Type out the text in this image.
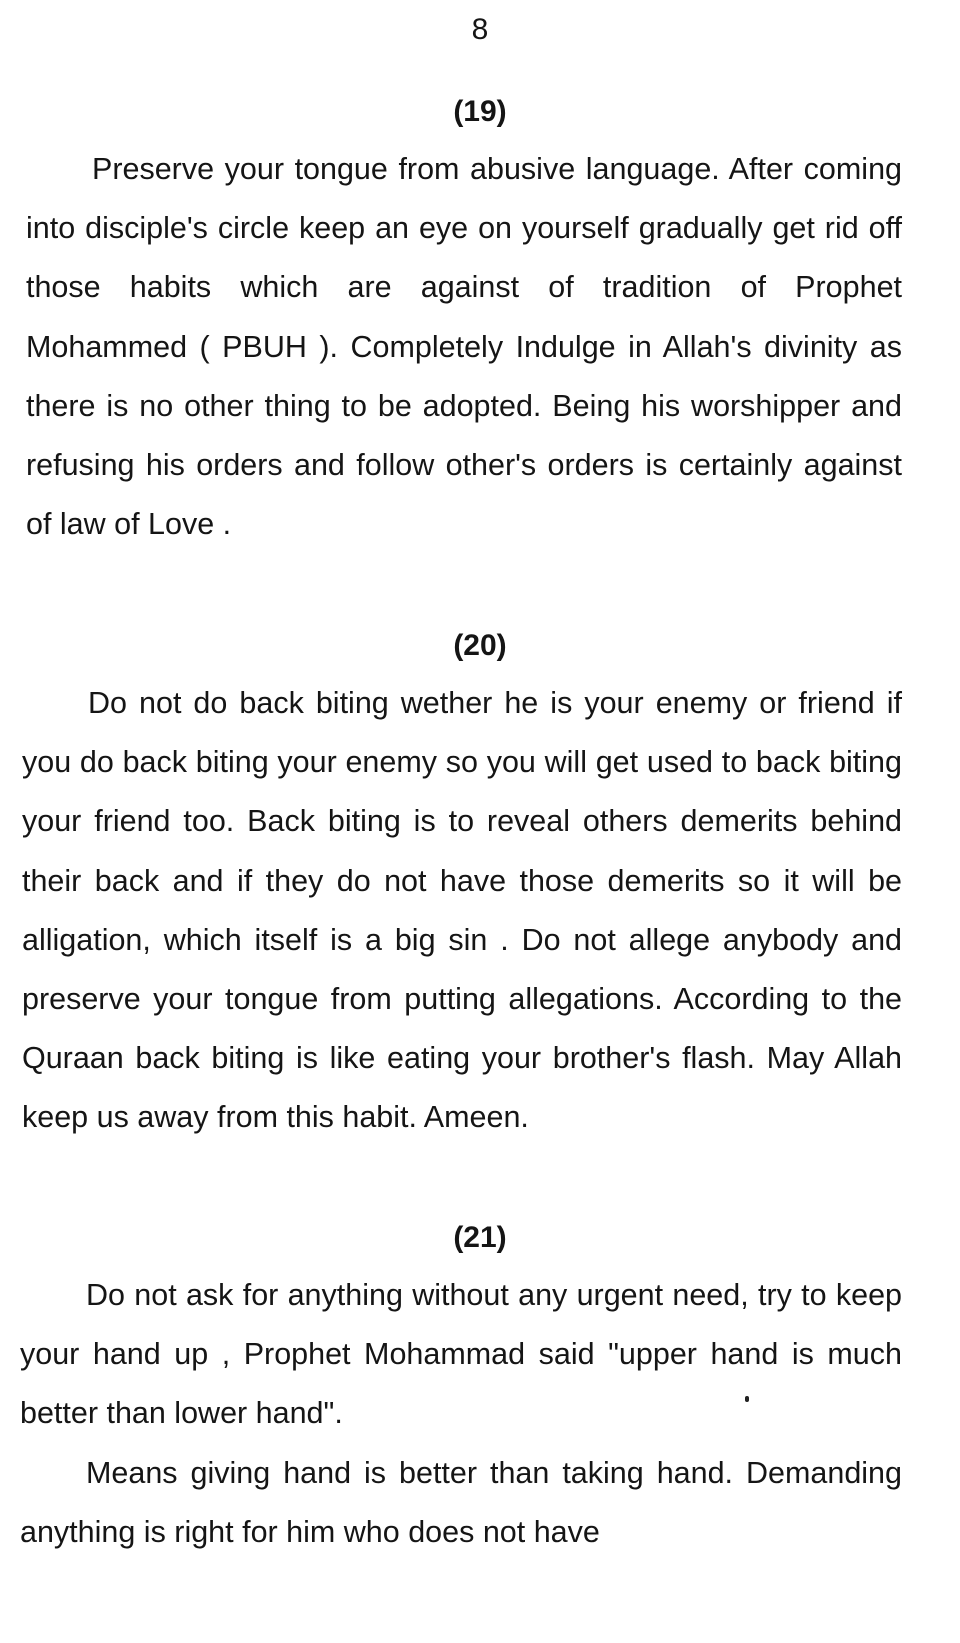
8
(19)

Preserve your tongue from abusive language. After coming into disciple's circle keep an eye on yourself gradually get rid off those habits which are against of tradition of Prophet Mohammed ( PBUH ). Completely Indulge in Allah's divinity as there is no other thing to be adopted. Being his worshipper and refusing his orders and follow other's orders is certainly against of law of Love .

(20)

Do not do back biting wether he is your enemy or friend if you do back biting your enemy so you will get used to back biting your friend too. Back biting is to reveal others demerits behind their back and if they do not have those demerits so it will be alligation, which itself is a big sin . Do not allege anybody and preserve your tongue from putting allegations. According to the Quraan back biting is like eating your brother's flash. May Allah keep us away from this habit. Ameen.

(21)

Do not ask for anything without any urgent need, try to keep your hand up , Prophet Mohammad said "upper hand is much better than lower hand".

Means giving hand is better than taking hand. Demanding anything is right for him who does not have
